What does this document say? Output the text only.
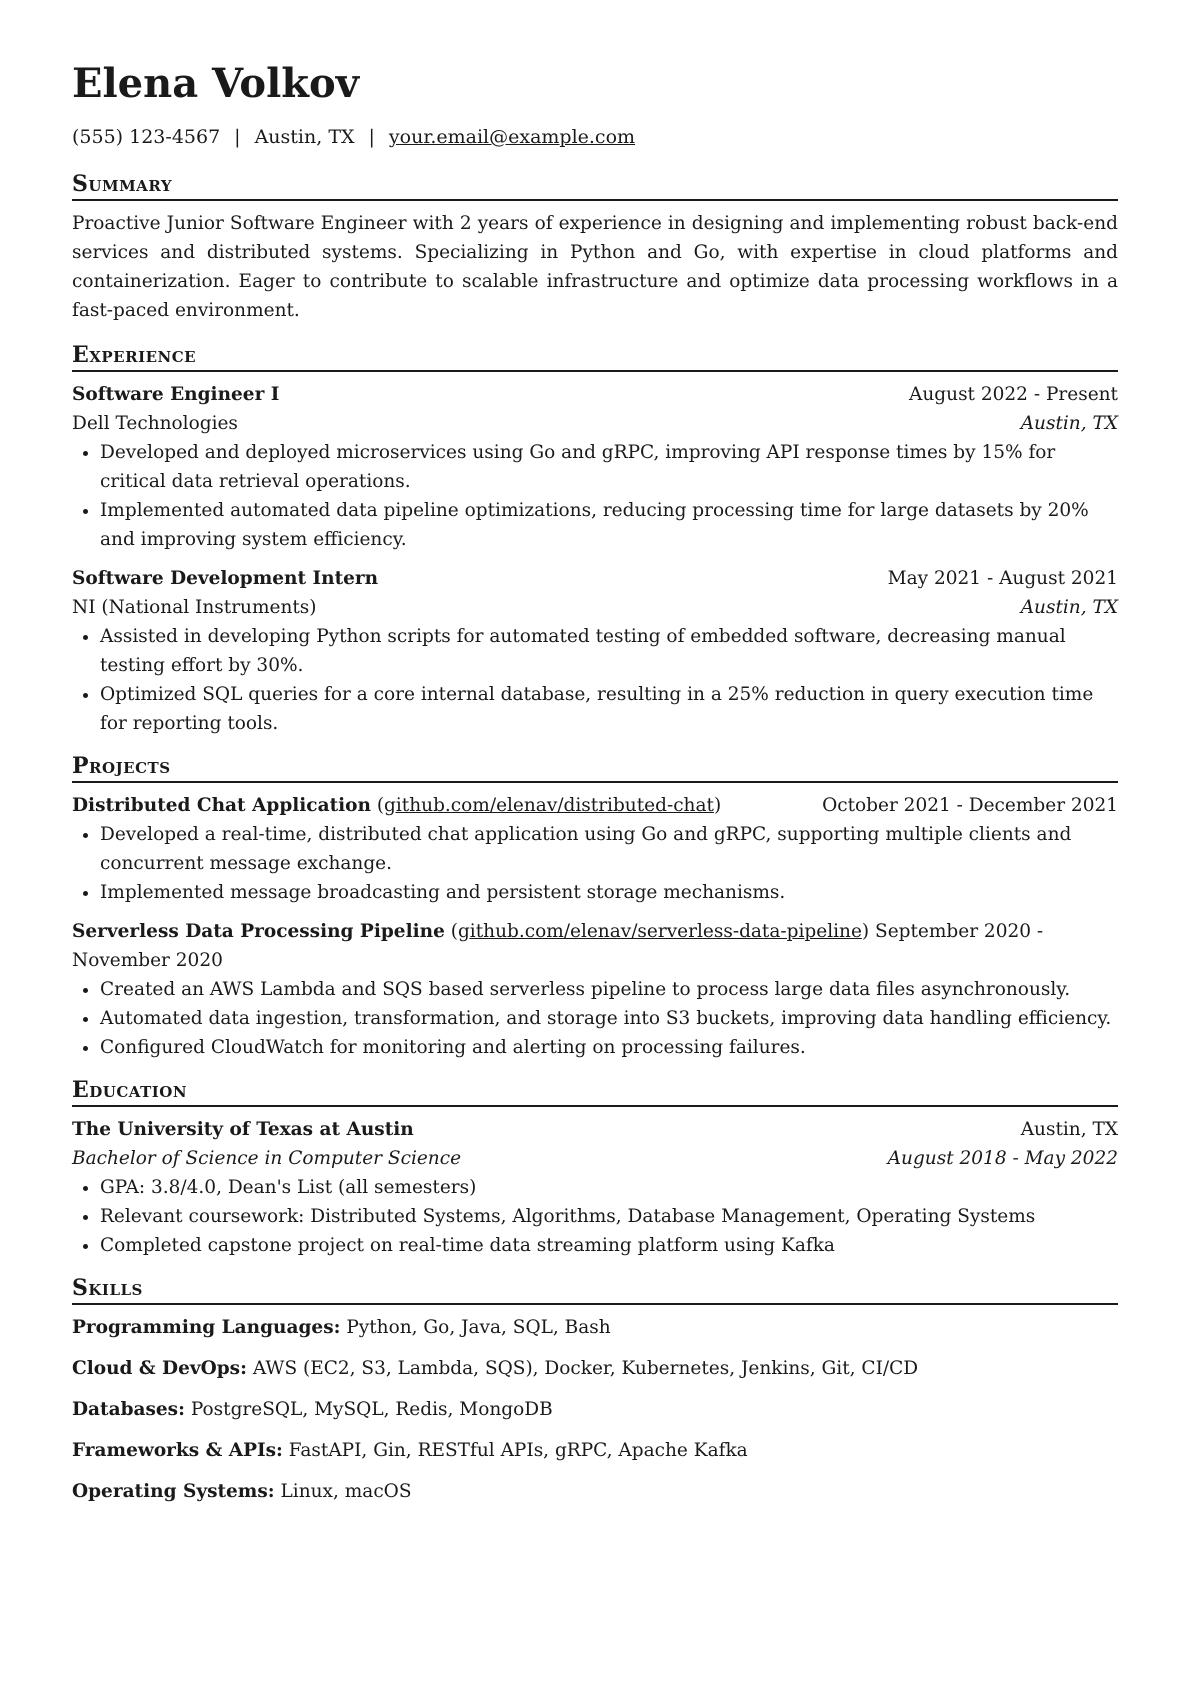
Elena Volkov
(555) 123-4567 | Austin, TX | your.email@example.com
Summary

Proactive Junior Software Engineer with 2 years of experience in designing and implementing robust back-end services and distributed systems. Specializing in Python and Go, with expertise in cloud platforms and containerization. Eager to contribute to scalable infrastructure and optimize data processing workflows in a fast-paced environment.

Experience
Software Engineer I	August 2022 - Present
Dell Technologies	Austin, TX
• Developed and deployed microservices using Go and gRPC, improving API response times by 15% for critical data retrieval operations.
• Implemented automated data pipeline optimizations, reducing processing time for large datasets by 20% and improving system efficiency.
Software Development Intern	May 2021 - August 2021
NI (National Instruments)	Austin, TX
• Assisted in developing Python scripts for automated testing of embedded software, decreasing manual testing effort by 30%.
• Optimized SQL queries for a core internal database, resulting in a 25% reduction in query execution time for reporting tools.
Projects
Distributed Chat Application (github.com/elenav/distributed-chat)	October 2021 - December 2021
• Developed a real-time, distributed chat application using Go and gRPC, supporting multiple clients and concurrent message exchange.
• Implemented message broadcasting and persistent storage mechanisms.
Serverless Data Processing Pipeline (github.com/elenav/serverless-data-pipeline) September 2020 - November 2020
• Created an AWS Lambda and SQS based serverless pipeline to process large data files asynchronously.
• Automated data ingestion, transformation, and storage into S3 buckets, improving data handling efficiency.
• Configured CloudWatch for monitoring and alerting on processing failures.
Education
The University of Texas at Austin	Austin, TX
Bachelor of Science in Computer Science	August 2018 - May 2022
• GPA: 3.8/4.0, Dean's List (all semesters)
• Relevant coursework: Distributed Systems, Algorithms, Database Management, Operating Systems
• Completed capstone project on real-time data streaming platform using Kafka
Skills
Programming Languages: Python, Go, Java, SQL, Bash
Cloud & DevOps: AWS (EC2, S3, Lambda, SQS), Docker, Kubernetes, Jenkins, Git, CI/CD
Databases: PostgreSQL, MySQL, Redis, MongoDB
Frameworks & APIs: FastAPI, Gin, RESTful APIs, gRPC, Apache Kafka
Operating Systems: Linux, macOS
